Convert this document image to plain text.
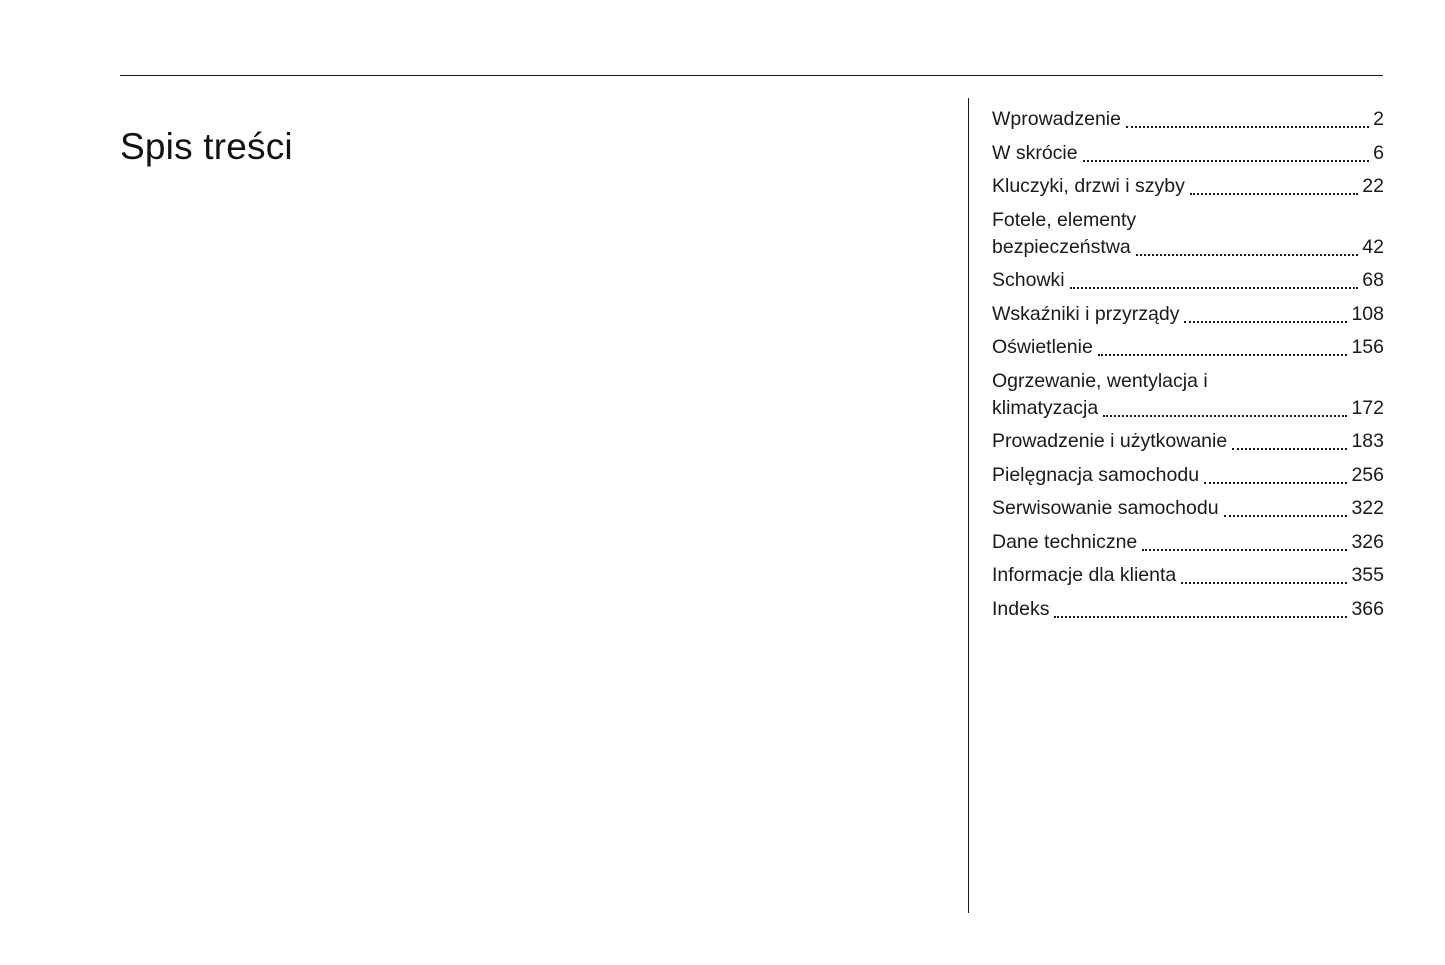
Spis treści
Wprowadzenie	2
W skrócie	6
Kluczyki, drzwi i szyby	22
Fotele, elementy
bezpieczeństwa	42
Schowki	68
Wskaźniki i przyrządy	108
Oświetlenie	156
Ogrzewanie, wentylacja i
klimatyzacja	172
Prowadzenie i użytkowanie	183
Pielęgnacja samochodu	256
Serwisowanie samochodu	322
Dane techniczne	326
Informacje dla klienta	355
Indeks	366
